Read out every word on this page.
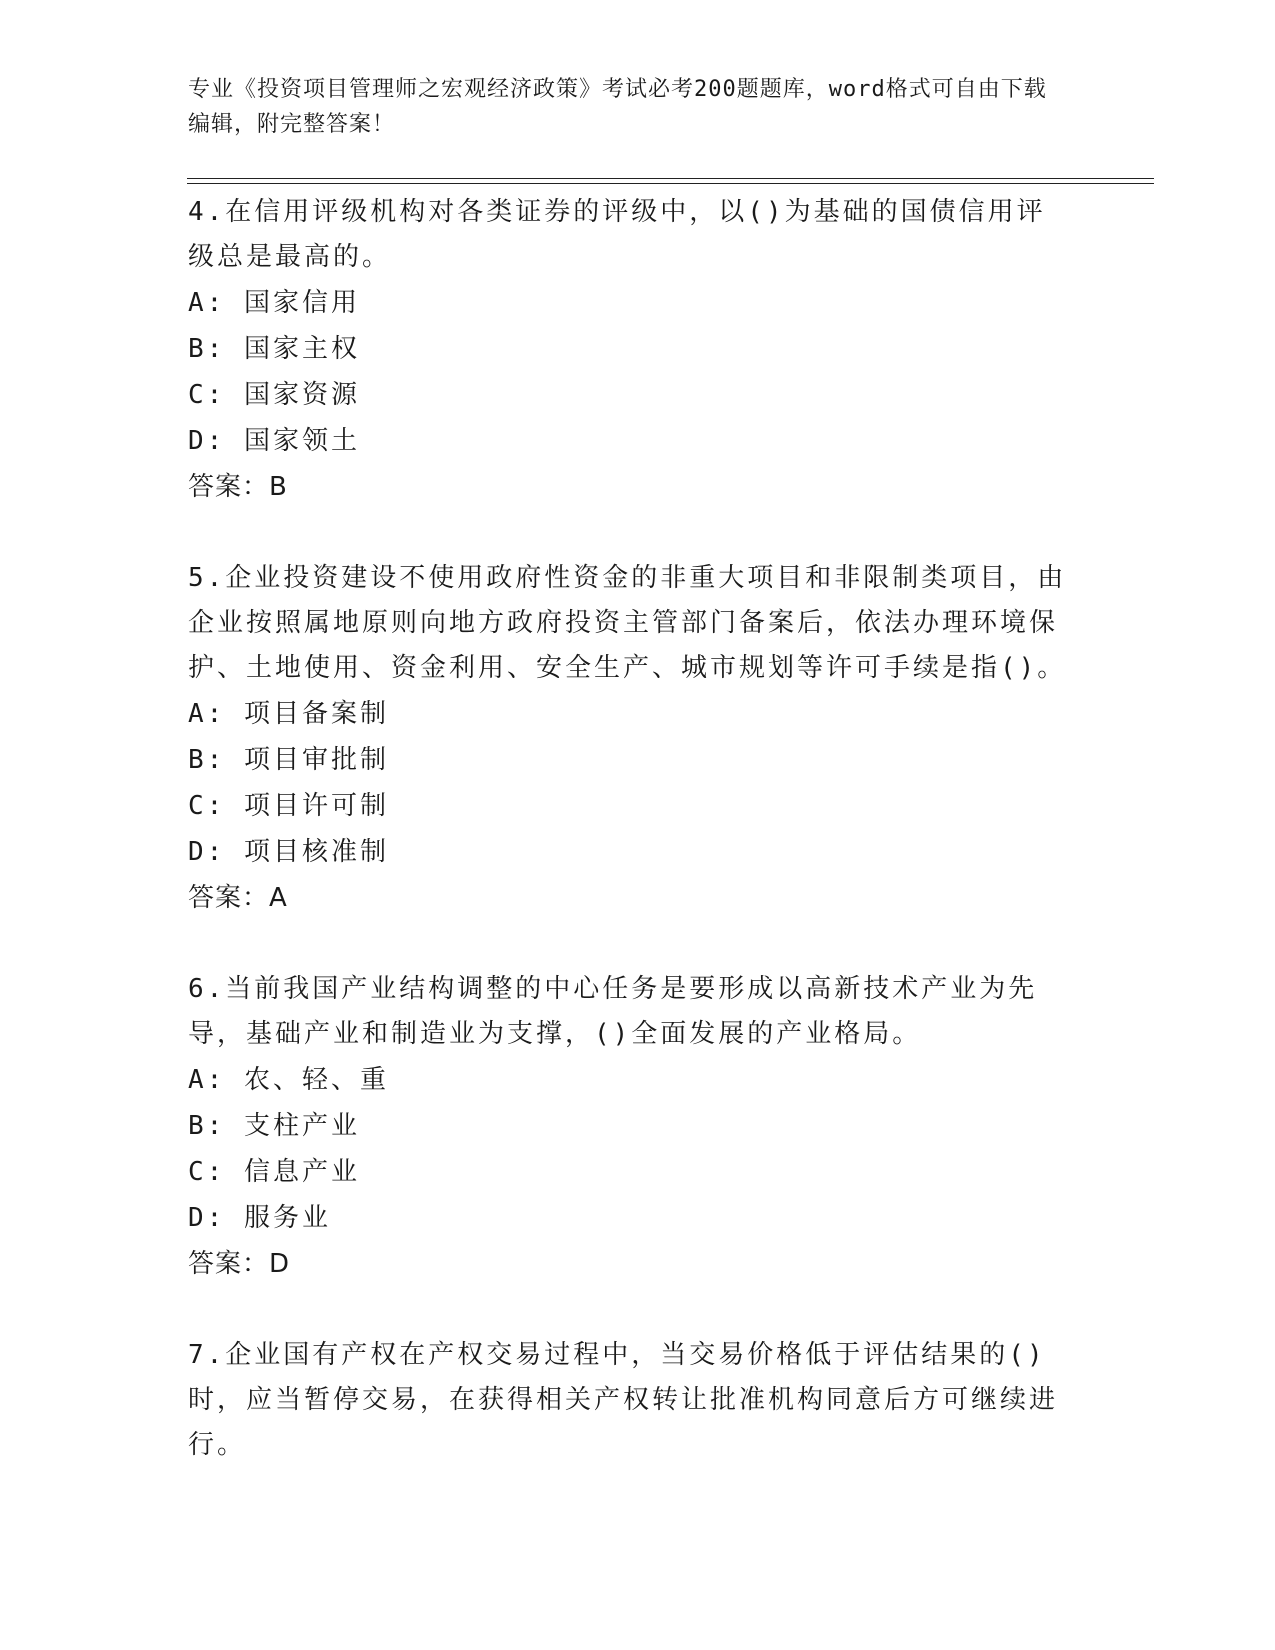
专业《投资项目管理师之宏观经济政策》考试必考200题题库，word格式可自由下载编辑，附完整答案！

4.在信用评级机构对各类证券的评级中，以()为基础的国债信用评级总是最高的。

A: 国家信用

B: 国家主权

C: 国家资源

D: 国家领土

答案：B

5.企业投资建设不使用政府性资金的非重大项目和非限制类项目，由企业按照属地原则向地方政府投资主管部门备案后，依法办理环境保护、土地使用、资金利用、安全生产、城市规划等许可手续是指()。

A: 项目备案制

B: 项目审批制

C: 项目许可制

D: 项目核准制

答案：A

6.当前我国产业结构调整的中心任务是要形成以高新技术产业为先导，基础产业和制造业为支撑，()全面发展的产业格局。

A: 农、轻、重

B: 支柱产业

C: 信息产业

D: 服务业

答案：D

7.企业国有产权在产权交易过程中，当交易价格低于评估结果的()时，应当暂停交易，在获得相关产权转让批准机构同意后方可继续进行。
